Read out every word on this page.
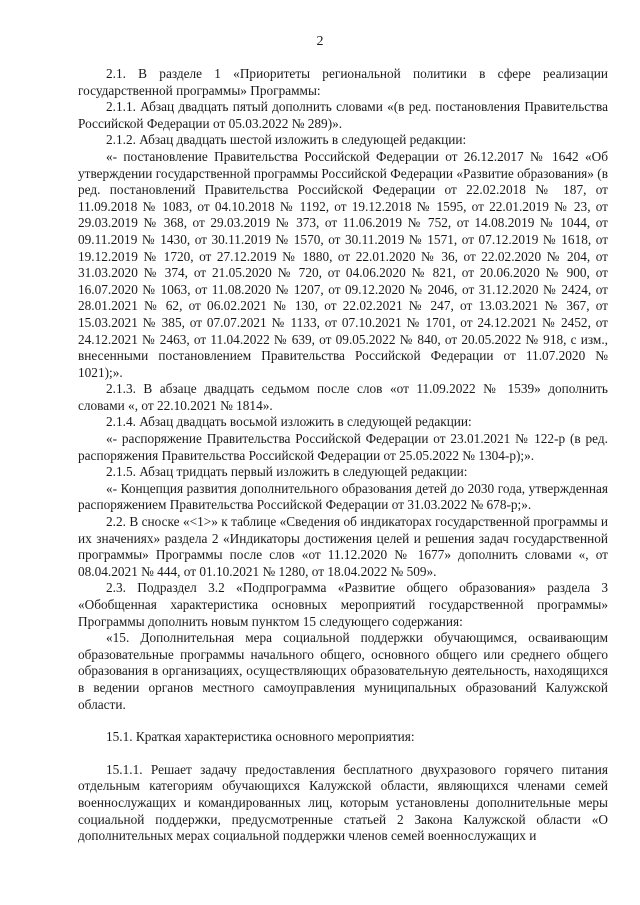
2

2.1. В разделе 1 «Приоритеты региональной политики в сфере реализации государственной программы» Программы:

2.1.1. Абзац двадцать пятый дополнить словами «(в ред. постановления Правительства Российской Федерации от 05.03.2022 № 289)».

2.1.2. Абзац двадцать шестой изложить в следующей редакции:

«- постановление Правительства Российской Федерации от 26.12.2017 № 1642 «Об утверждении государственной программы Российской Федерации «Развитие образования» (в ред. постановлений Правительства Российской Федерации от 22.02.2018 № 187, от 11.09.2018 № 1083, от 04.10.2018 № 1192, от 19.12.2018 № 1595, от 22.01.2019 № 23, от 29.03.2019 № 368, от 29.03.2019 № 373, от 11.06.2019 № 752, от 14.08.2019 № 1044, от 09.11.2019 № 1430, от 30.11.2019 № 1570, от 30.11.2019 № 1571, от 07.12.2019 № 1618, от 19.12.2019 № 1720, от 27.12.2019 № 1880, от 22.01.2020 № 36, от 22.02.2020 № 204, от 31.03.2020 № 374, от 21.05.2020 № 720, от 04.06.2020 № 821, от 20.06.2020 № 900, от 16.07.2020 № 1063, от 11.08.2020 № 1207, от 09.12.2020 № 2046, от 31.12.2020 № 2424, от 28.01.2021 № 62, от 06.02.2021 № 130, от 22.02.2021 № 247, от 13.03.2021 № 367, от 15.03.2021 № 385, от 07.07.2021 № 1133, от 07.10.2021 № 1701, от 24.12.2021 № 2452, от 24.12.2021 № 2463, от 11.04.2022 № 639, от 09.05.2022 № 840, от 20.05.2022 № 918, с изм., внесенными постановлением Правительства Российской Федерации от 11.07.2020 № 1021);».

2.1.3. В абзаце двадцать седьмом после слов «от 11.09.2022 № 1539» дополнить словами «, от 22.10.2021 № 1814».

2.1.4. Абзац двадцать восьмой изложить в следующей редакции:

«- распоряжение Правительства Российской Федерации от 23.01.2021 № 122-р (в ред. распоряжения Правительства Российской Федерации от 25.05.2022 № 1304-р);».

2.1.5. Абзац тридцать первый изложить в следующей редакции:

«- Концепция развития дополнительного образования детей до 2030 года, утвержденная распоряжением Правительства Российской Федерации от 31.03.2022 № 678-р;».

2.2. В сноске «<1>» к таблице «Сведения об индикаторах государственной программы и их значениях» раздела 2 «Индикаторы достижения целей и решения задач государственной программы» Программы после слов «от 11.12.2020 № 1677» дополнить словами «, от 08.04.2021 № 444, от 01.10.2021 № 1280, от 18.04.2022 № 509».

2.3. Подраздел 3.2 «Подпрограмма «Развитие общего образования» раздела 3 «Обобщенная характеристика основных мероприятий государственной программы» Программы дополнить новым пунктом 15 следующего содержания:

«15. Дополнительная мера социальной поддержки обучающимся, осваивающим образовательные программы начального общего, основного общего или среднего общего образования в организациях, осуществляющих образовательную деятельность, находящихся в ведении органов местного самоуправления муниципальных образований Калужской области.

15.1. Краткая характеристика основного мероприятия:

15.1.1. Решает задачу предоставления бесплатного двухразового горячего питания отдельным категориям обучающихся Калужской области, являющихся членами семей военнослужащих и командированных лиц, которым установлены дополнительные меры социальной поддержки, предусмотренные статьей 2 Закона Калужской области «О дополнительных мерах социальной поддержки членов семей военнослужащих и
